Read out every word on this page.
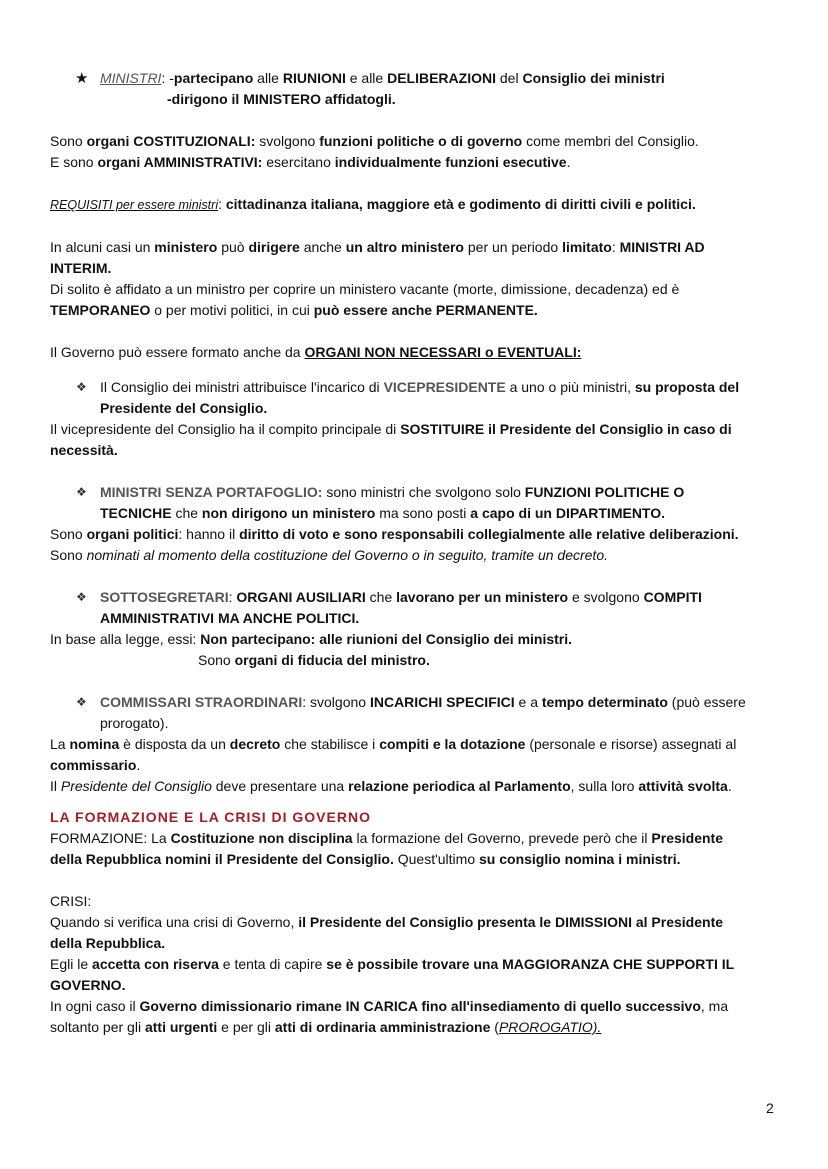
★ MINISTRI: -partecipano alle RIUNIONI e alle DELIBERAZIONI del Consiglio dei ministri

-dirigono il MINISTERO affidatogli.

Sono organi COSTITUZIONALI: svolgono funzioni politiche o di governo come membri del Consiglio.

E sono organi AMMINISTRATIVI: esercitano individualmente funzioni esecutive.

REQUISITI per essere ministri: cittadinanza italiana, maggiore età e godimento di diritti civili e politici.

In alcuni casi un ministero può dirigere anche un altro ministero per un periodo limitato: MINISTRI AD

INTERIM.

Di solito è affidato a un ministro per coprire un ministero vacante (morte, dimissione, decadenza) ed è

TEMPORANEO o per motivi politici, in cui può essere anche PERMANENTE.

Il Governo può essere formato anche da ORGANI NON NECESSARI o EVENTUALI:

❖ Il Consiglio dei ministri attribuisce l'incarico di VICEPRESIDENTE a uno o più ministri, su proposta del

Presidente del Consiglio.

Il vicepresidente del Consiglio ha il compito principale di SOSTITUIRE il Presidente del Consiglio in caso di

necessità.

❖ MINISTRI SENZA PORTAFOGLIO: sono ministri che svolgono solo FUNZIONI POLITICHE O

TECNICHE che non dirigono un ministero ma sono posti a capo di un DIPARTIMENTO.

Sono organi politici: hanno il diritto di voto e sono responsabili collegialmente alle relative deliberazioni.

Sono nominati al momento della costituzione del Governo o in seguito, tramite un decreto.

❖ SOTTOSEGRETARI: ORGANI AUSILIARI che lavorano per un ministero e svolgono COMPITI

AMMINISTRATIVI MA ANCHE POLITICI.

In base alla legge, essi: Non partecipano: alle riunioni del Consiglio dei ministri.

Sono organi di fiducia del ministro.

❖ COMMISSARI STRAORDINARI: svolgono INCARICHI SPECIFICI e a tempo determinato (può essere

prorogato).

La nomina è disposta da un decreto che stabilisce i compiti e la dotazione (personale e risorse) assegnati al

commissario.

Il Presidente del Consiglio deve presentare una relazione periodica al Parlamento, sulla loro attività svolta.

LA FORMAZIONE E LA CRISI DI GOVERNO

FORMAZIONE: La Costituzione non disciplina la formazione del Governo, prevede però che il Presidente

della Repubblica nomini il Presidente del Consiglio. Quest'ultimo su consiglio nomina i ministri.

CRISI:

Quando si verifica una crisi di Governo, il Presidente del Consiglio presenta le DIMISSIONI al Presidente

della Repubblica.

Egli le accetta con riserva e tenta di capire se è possibile trovare una MAGGIORANZA CHE SUPPORTI IL

GOVERNO.

In ogni caso il Governo dimissionario rimane IN CARICA fino all'insediamento di quello successivo, ma

soltanto per gli atti urgenti e per gli atti di ordinaria amministrazione (PROROGATIO).

2
